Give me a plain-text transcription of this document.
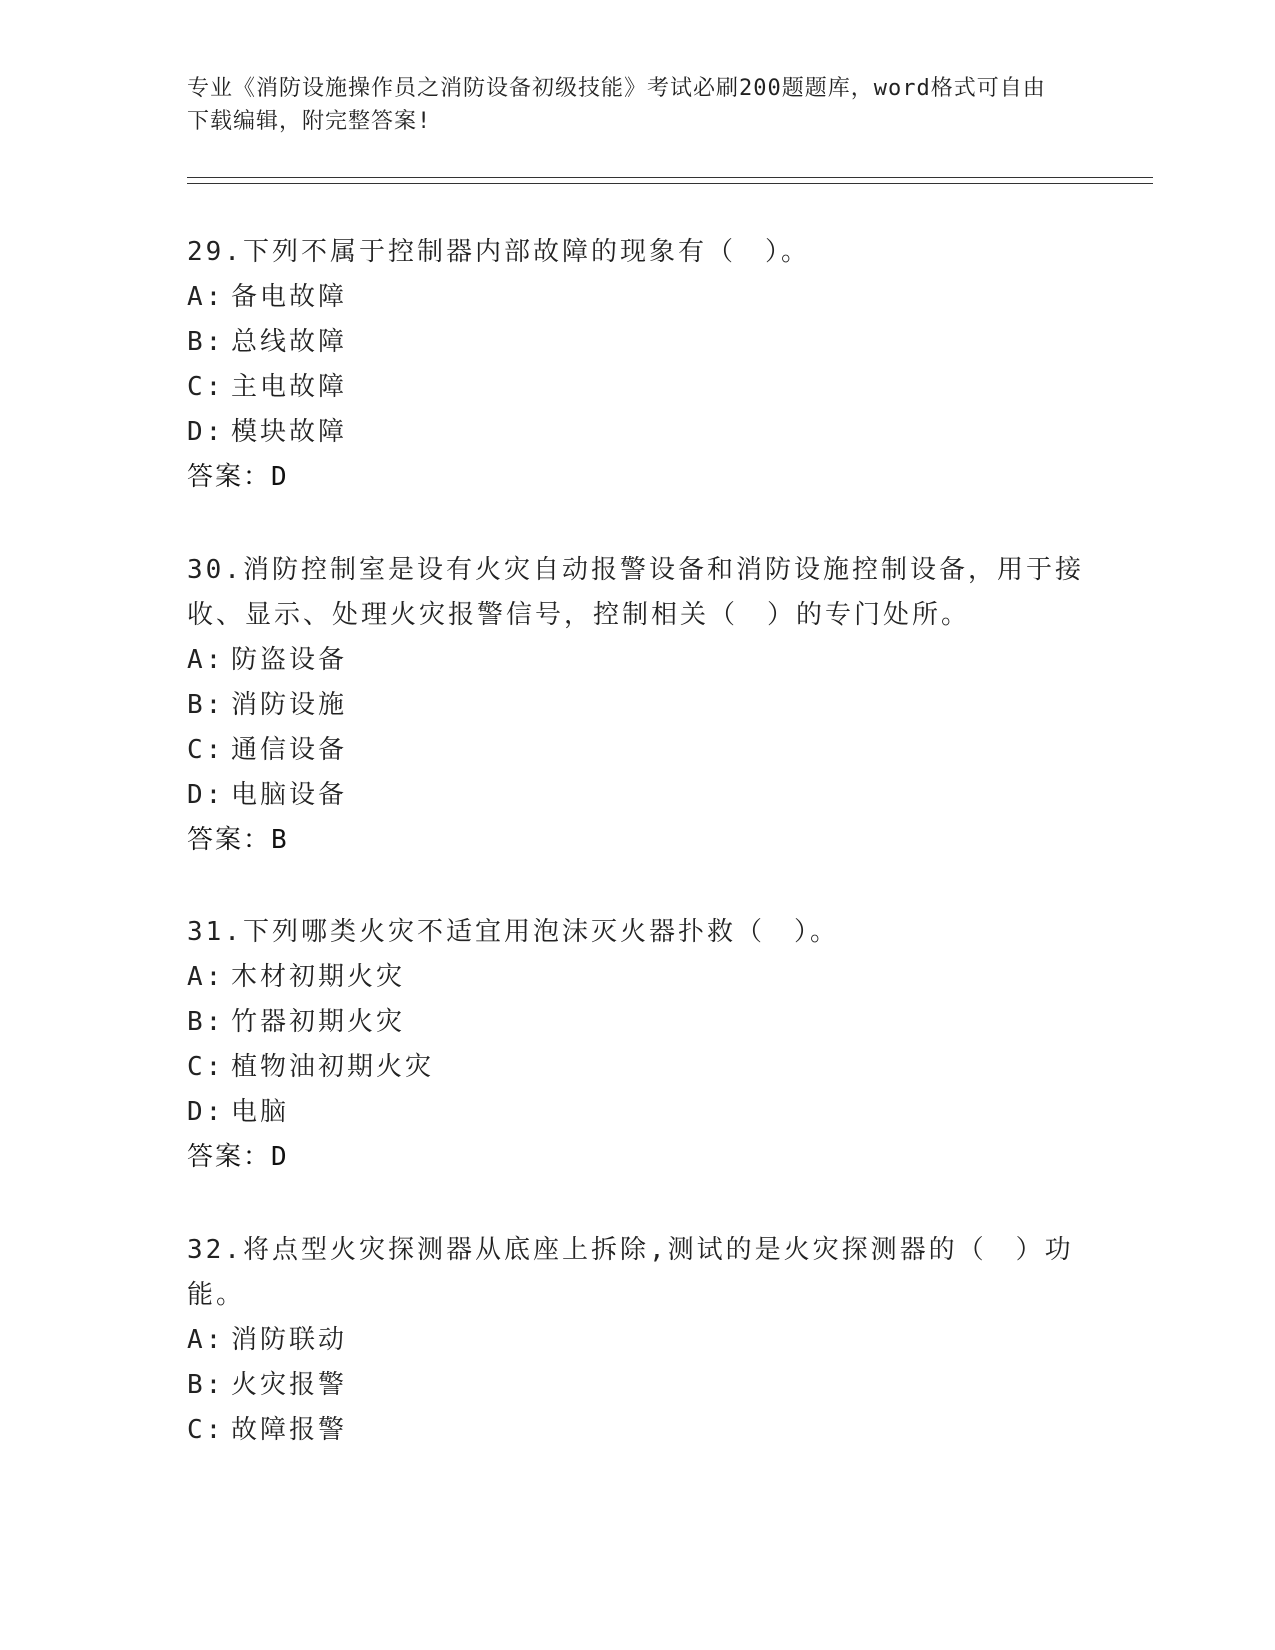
专业《消防设施操作员之消防设备初级技能》考试必刷200题题库，word格式可自由下载编辑，附完整答案!

29.下列不属于控制器内部故障的现象有（　）。

A: 备电故障

B: 总线故障

C: 主电故障

D: 模块故障

答案：D

30.消防控制室是设有火灾自动报警设备和消防设施控制设备，用于接收、显示、处理火灾报警信号，控制相关（　）的专门处所。

A: 防盗设备

B: 消防设施

C: 通信设备

D: 电脑设备

答案：B

31.下列哪类火灾不适宜用泡沫灭火器扑救（　）。

A: 木材初期火灾

B: 竹器初期火灾

C: 植物油初期火灾

D: 电脑

答案：D

32.将点型火灾探测器从底座上拆除,测试的是火灾探测器的（　）功能。

A: 消防联动

B: 火灾报警

C: 故障报警
